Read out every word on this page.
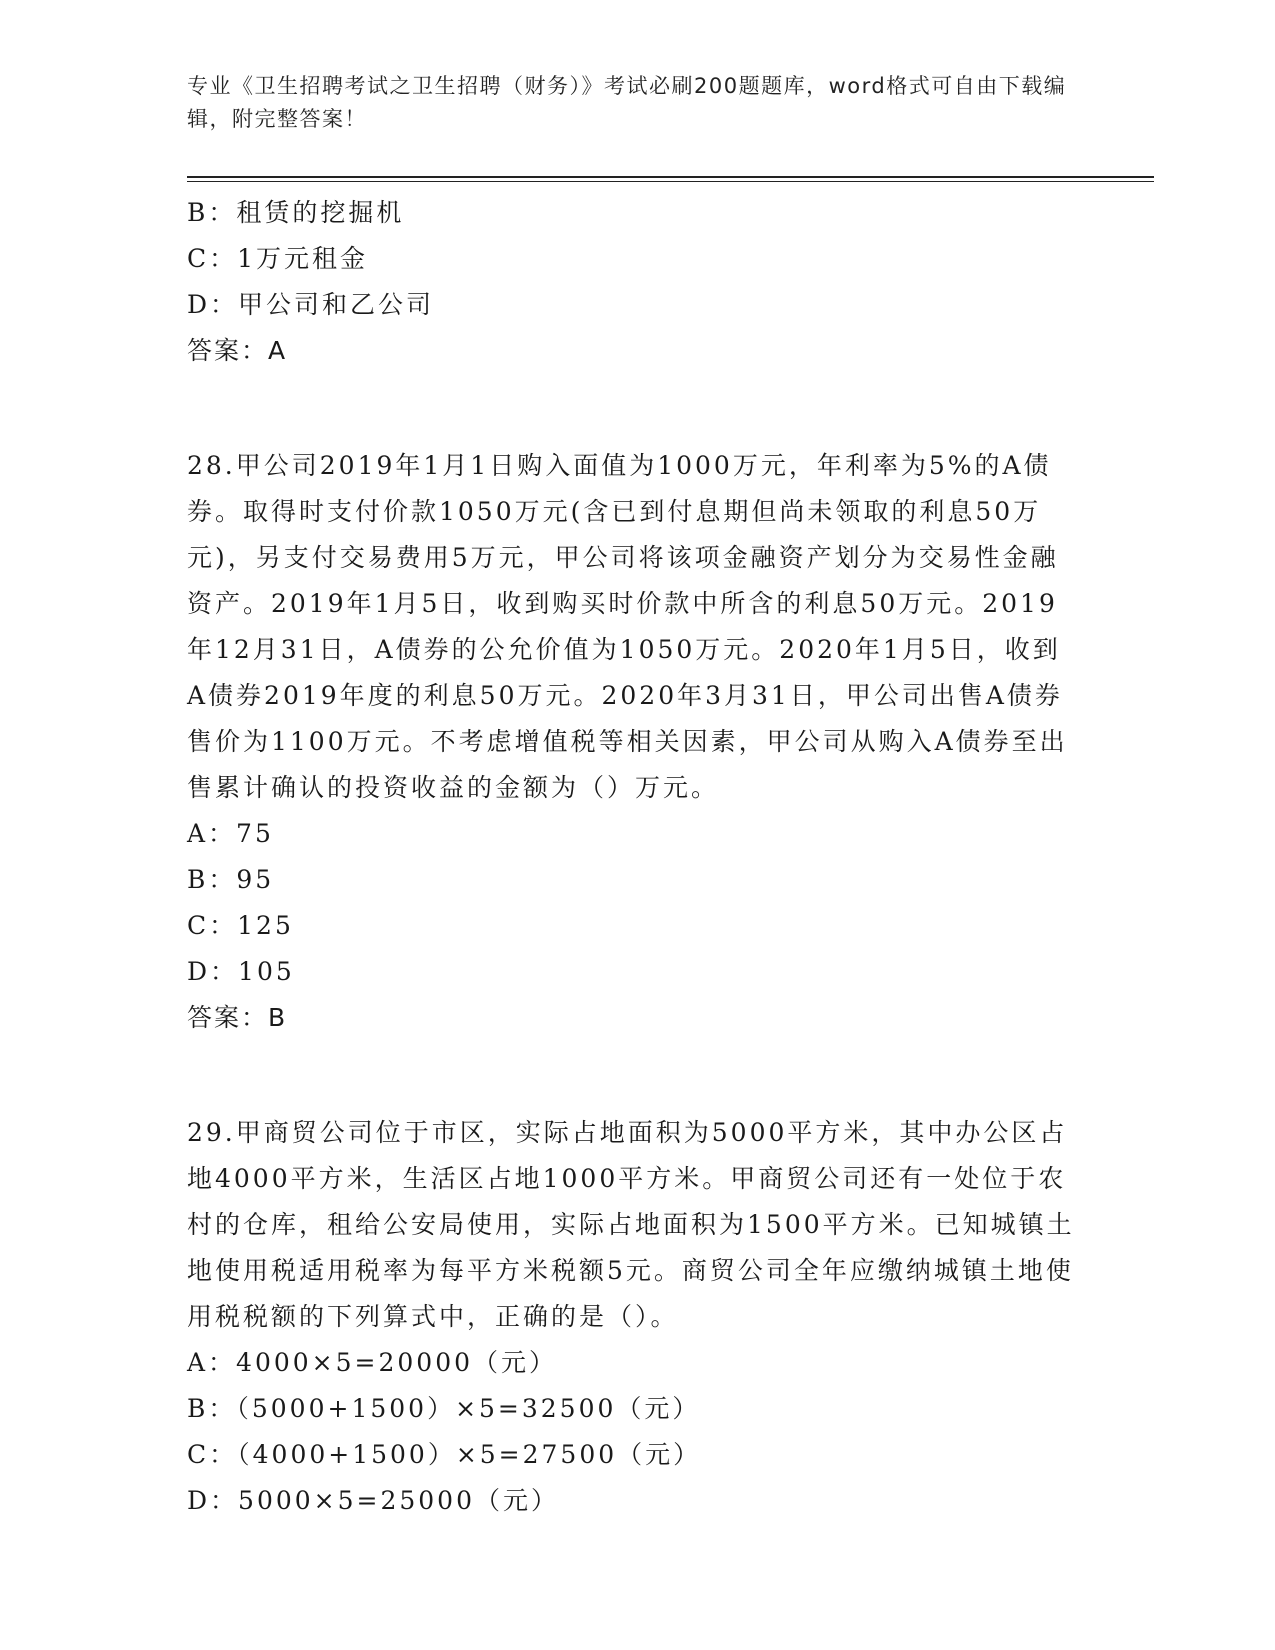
专业《卫生招聘考试之卫生招聘（财务）》考试必刷200题题库，word格式可自由下载编辑，附完整答案！
B：租赁的挖掘机
C：1万元租金
D：甲公司和乙公司
答案：A
28.甲公司2019年1月1日购入面值为1000万元，年利率为5%的A债券。取得时支付价款1050万元(含已到付息期但尚未领取的利息50万元)，另支付交易费用5万元，甲公司将该项金融资产划分为交易性金融资产。2019年1月5日，收到购买时价款中所含的利息50万元。2019年12月31日，A债券的公允价值为1050万元。2020年1月5日，收到A债券2019年度的利息50万元。2020年3月31日，甲公司出售A债券售价为1100万元。不考虑增值税等相关因素，甲公司从购入A债券至出售累计确认的投资收益的金额为（）万元。
A：75
B：95
C：125
D：105
答案：B
29.甲商贸公司位于市区，实际占地面积为5000平方米，其中办公区占地4000平方米，生活区占地1000平方米。甲商贸公司还有一处位于农村的仓库，租给公安局使用，实际占地面积为1500平方米。已知城镇土地使用税适用税率为每平方米税额5元。商贸公司全年应缴纳城镇土地使用税税额的下列算式中，正确的是（）。
A：4000×5=20000（元）
B：（5000+1500）×5=32500（元）
C：（4000+1500）×5=27500（元）
D：5000×5=25000（元）
